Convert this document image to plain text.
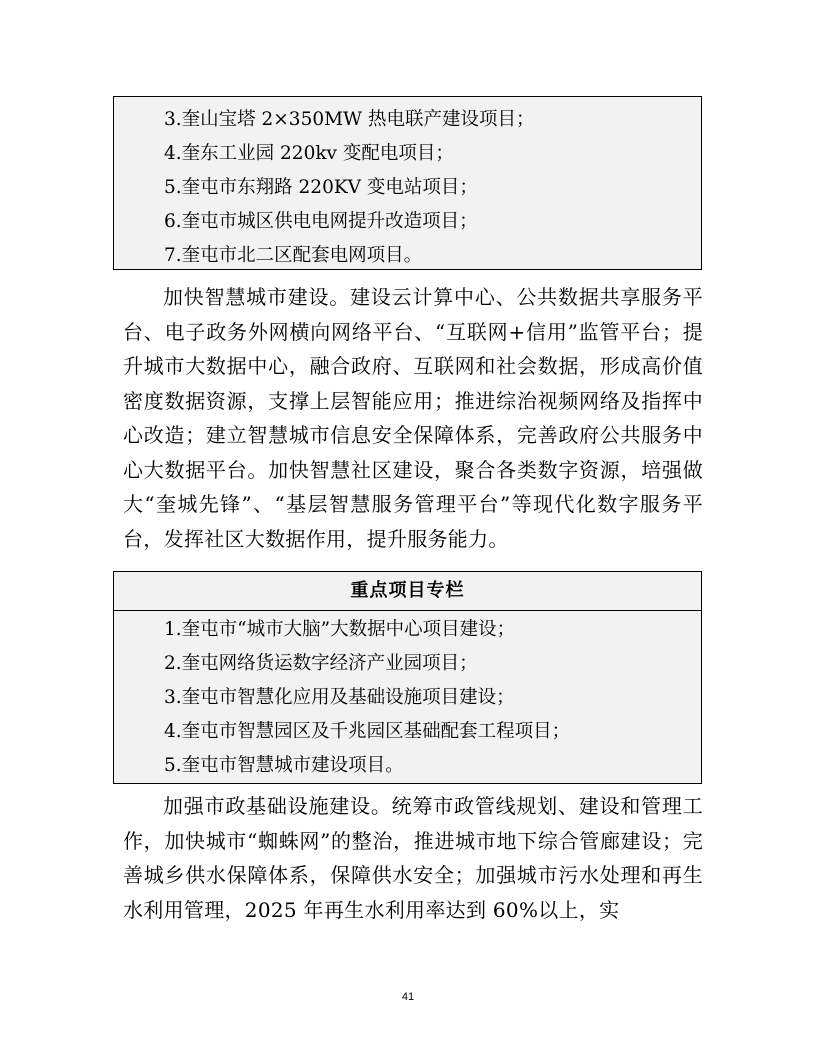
3.奎山宝塔 2×350MW 热电联产建设项目；
4.奎东工业园 220kv 变配电项目；
5.奎屯市东翔路 220KV 变电站项目；
6.奎屯市城区供电电网提升改造项目；
7.奎屯市北二区配套电网项目。

加快智慧城市建设。建设云计算中心、公共数据共享服务平台、电子政务外网横向网络平台、“互联网+信用”监管平台；提升城市大数据中心，融合政府、互联网和社会数据，形成高价值密度数据资源，支撑上层智能应用；推进综治视频网络及指挥中心改造；建立智慧城市信息安全保障体系，完善政府公共服务中心大数据平台。加快智慧社区建设，聚合各类数字资源，培强做大“奎城先锋”、“基层智慧服务管理平台”等现代化数字服务平台，发挥社区大数据作用，提升服务能力。

重点项目专栏
1.奎屯市“城市大脑”大数据中心项目建设；
2.奎屯网络货运数字经济产业园项目；
3.奎屯市智慧化应用及基础设施项目建设；
4.奎屯市智慧园区及千兆园区基础配套工程项目；
5.奎屯市智慧城市建设项目。

加强市政基础设施建设。统筹市政管线规划、建设和管理工作，加快城市“蜘蛛网”的整治，推进城市地下综合管廊建设；完善城乡供水保障体系，保障供水安全；加强城市污水处理和再生水利用管理，2025 年再生水利用率达到 60%以上，实

41
